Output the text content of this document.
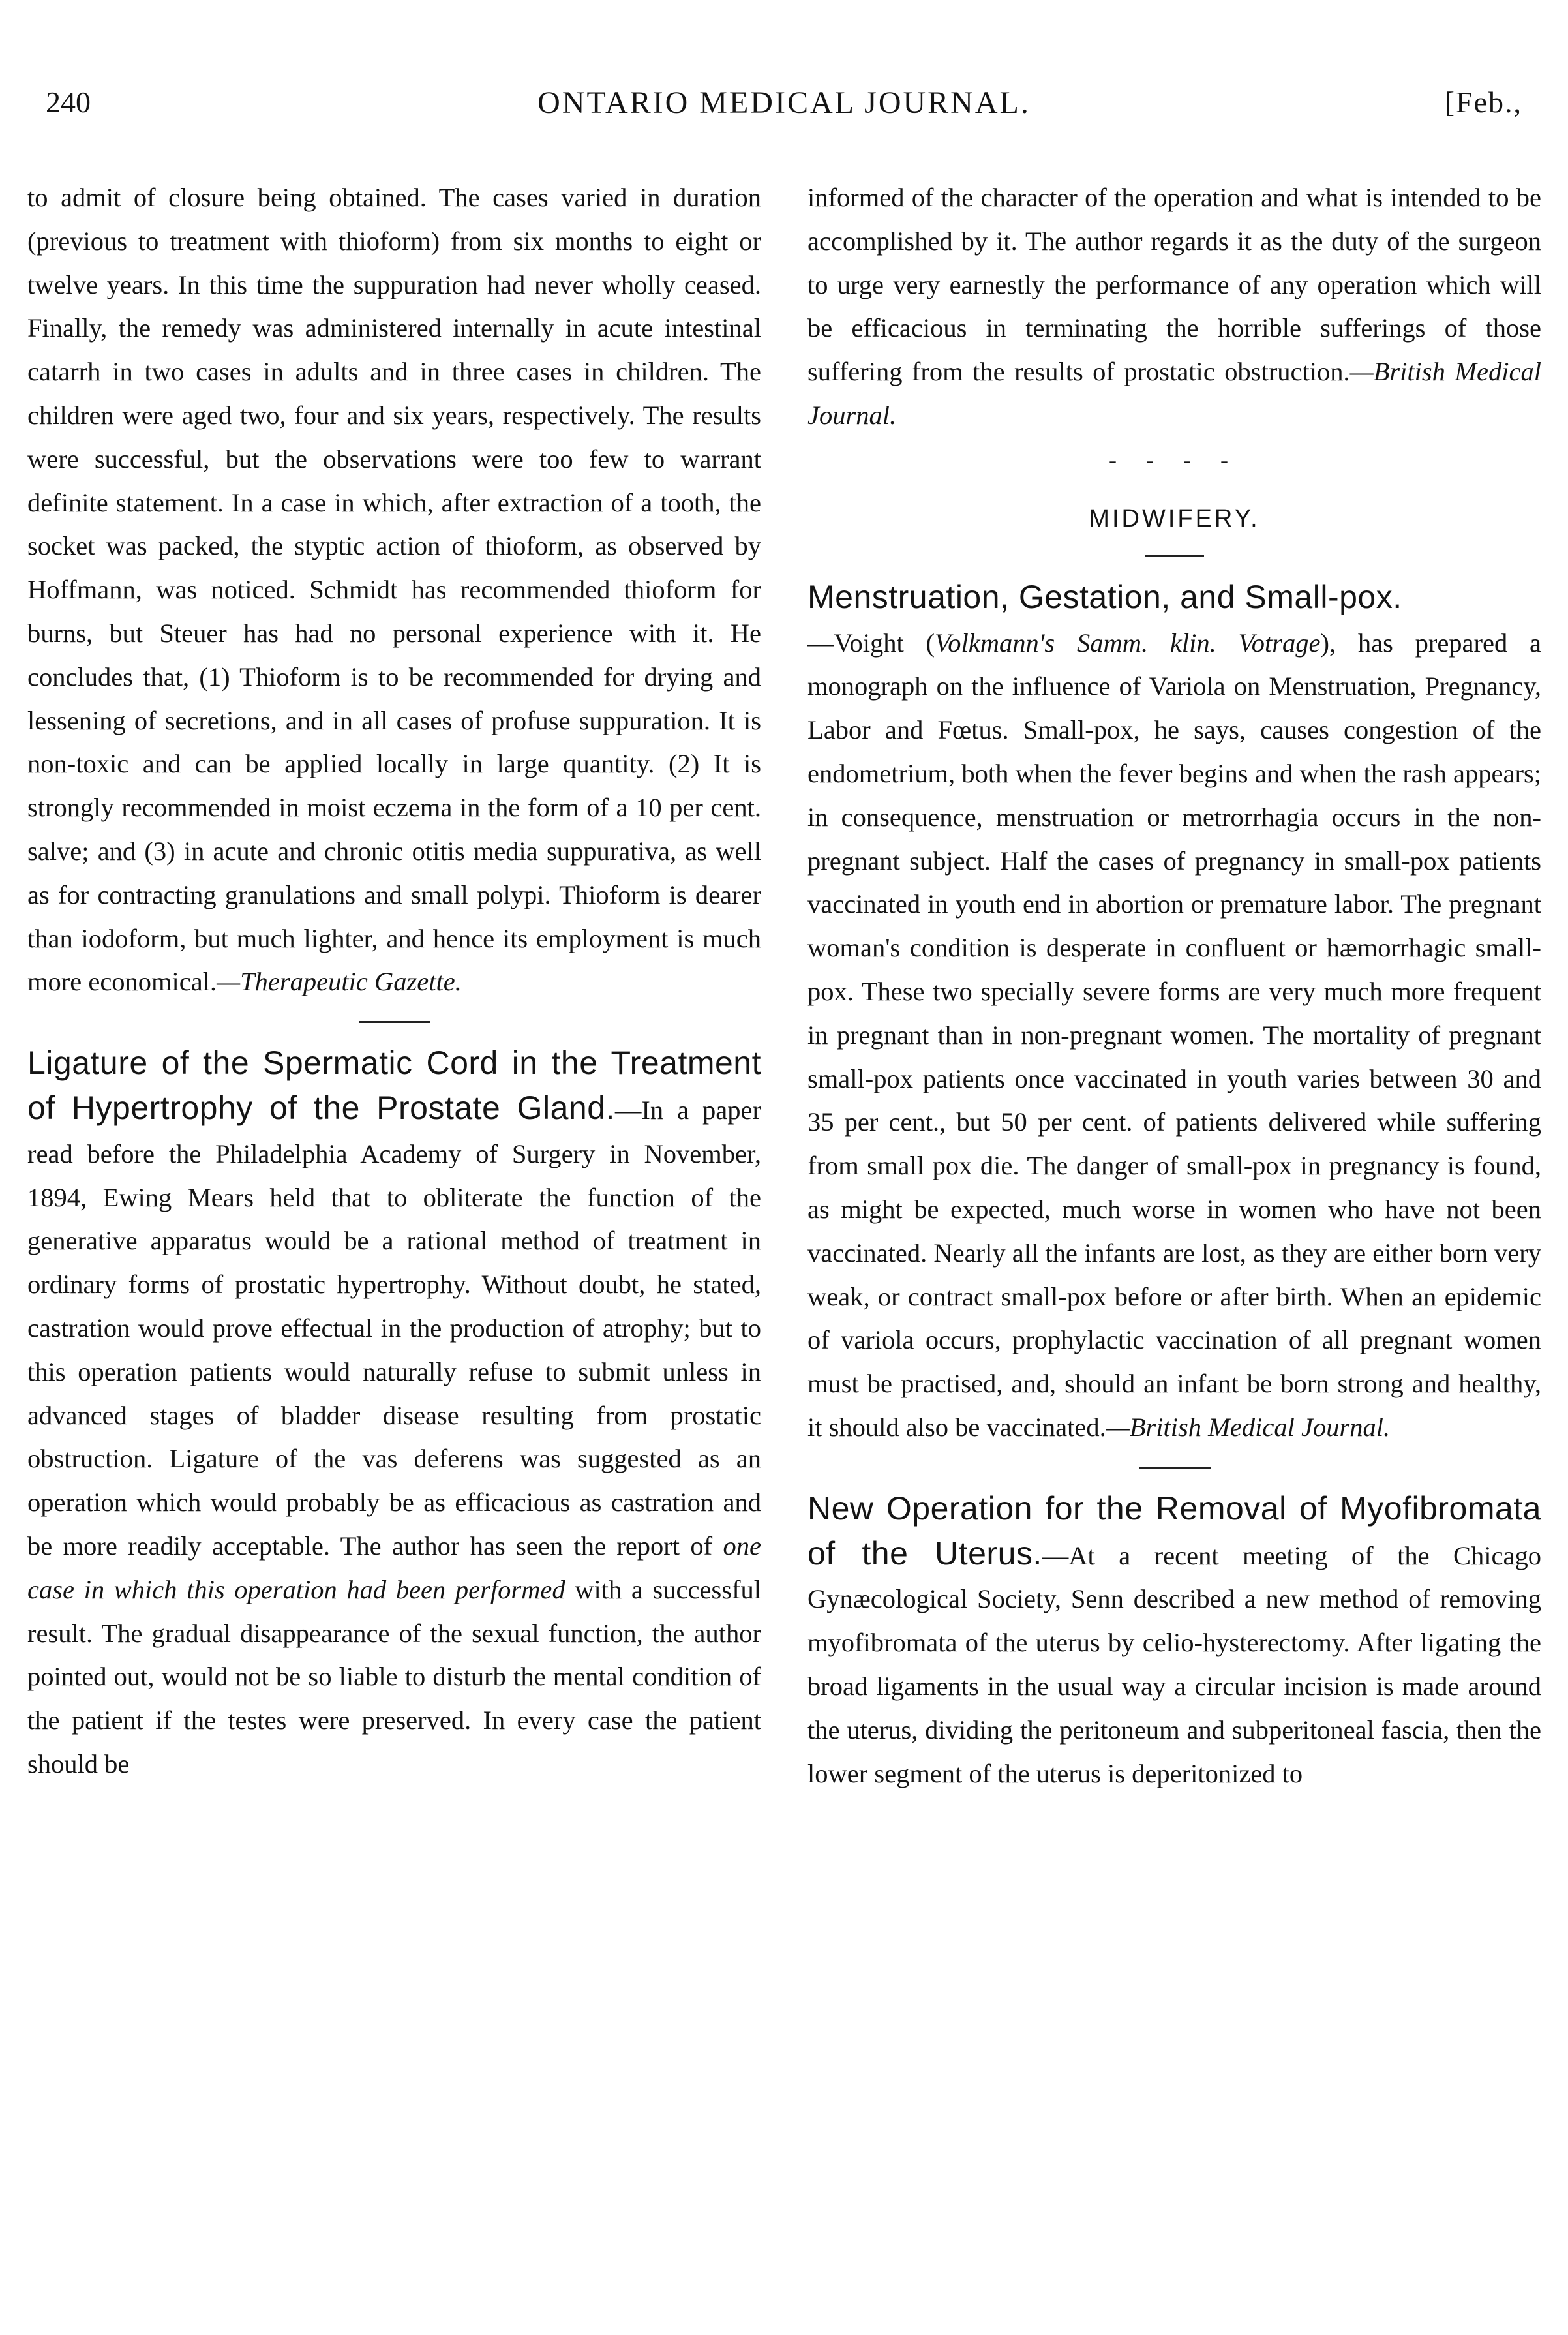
240	ONTARIO MEDICAL JOURNAL.	[Feb.,

to admit of closure being obtained. The cases varied in duration (previous to treatment with thioform) from six months to eight or twelve years. In this time the suppuration had never wholly ceased. Finally, the remedy was administered internally in acute intestinal catarrh in two cases in adults and in three cases in children. The children were aged two, four and six years, respectively. The results were successful, but the observations were too few to warrant definite statement. In a case in which, after extraction of a tooth, the socket was packed, the styptic action of thioform, as observed by Hoffmann, was noticed. Schmidt has recommended thioform for burns, but Steuer has had no personal experience with it. He concludes that, (1) Thioform is to be recommended for drying and lessening of secretions, and in all cases of profuse suppuration. It is non-toxic and can be applied locally in large quantity. (2) It is strongly recommended in moist eczema in the form of a 10 per cent. salve; and (3) in acute and chronic otitis media suppurativa, as well as for contracting granulations and small polypi. Thioform is dearer than iodoform, but much lighter, and hence its employment is much more economical.—Therapeutic Gazette.

Ligature of the Spermatic Cord in the Treatment of Hypertrophy of the Prostate Gland.—In a paper read before the Philadelphia Academy of Surgery in November, 1894, Ewing Mears held that to obliterate the function of the generative apparatus would be a rational method of treatment in ordinary forms of prostatic hypertrophy. Without doubt, he stated, castration would prove effectual in the production of atrophy; but to this operation patients would naturally refuse to submit unless in advanced stages of bladder disease resulting from prostatic obstruction. Ligature of the vas deferens was suggested as an operation which would probably be as efficacious as castration and be more readily acceptable. The author has seen the report of one case in which this operation had been performed with a successful result. The gradual disappearance of the sexual function, the author pointed out, would not be so liable to disturb the mental condition of the patient if the testes were preserved. In every case the patient should be

informed of the character of the operation and what is intended to be accomplished by it. The author regards it as the duty of the surgeon to urge very earnestly the performance of any operation which will be efficacious in terminating the horrible sufferings of those suffering from the results of prostatic obstruction.—British Medical Journal.

- - - -
MIDWIFERY.

Menstruation, Gestation, and Small-pox.
—Voight (Volkmann's Samm. klin. Votrage), has prepared a monograph on the influence of Variola on Menstruation, Pregnancy, Labor and Fœtus. Small-pox, he says, causes congestion of the endometrium, both when the fever begins and when the rash appears; in consequence, menstruation or metrorrhagia occurs in the non-pregnant subject. Half the cases of pregnancy in small-pox patients vaccinated in youth end in abortion or premature labor. The pregnant woman's condition is desperate in confluent or hæmorrhagic small-pox. These two specially severe forms are very much more frequent in pregnant than in non-pregnant women. The mortality of pregnant small-pox patients once vaccinated in youth varies between 30 and 35 per cent., but 50 per cent. of patients delivered while suffering from small pox die. The danger of small-pox in pregnancy is found, as might be expected, much worse in women who have not been vaccinated. Nearly all the infants are lost, as they are either born very weak, or contract small-pox before or after birth. When an epidemic of variola occurs, prophylactic vaccination of all pregnant women must be practised, and, should an infant be born strong and healthy, it should also be vaccinated.—British Medical Journal.

New Operation for the Removal of Myofibromata of the Uterus.—At a recent meeting of the Chicago Gynæcological Society, Senn described a new method of removing myofibromata of the uterus by celio-hysterectomy. After ligating the broad ligaments in the usual way a circular incision is made around the uterus, dividing the peritoneum and subperitoneal fascia, then the lower segment of the uterus is deperitonized to
